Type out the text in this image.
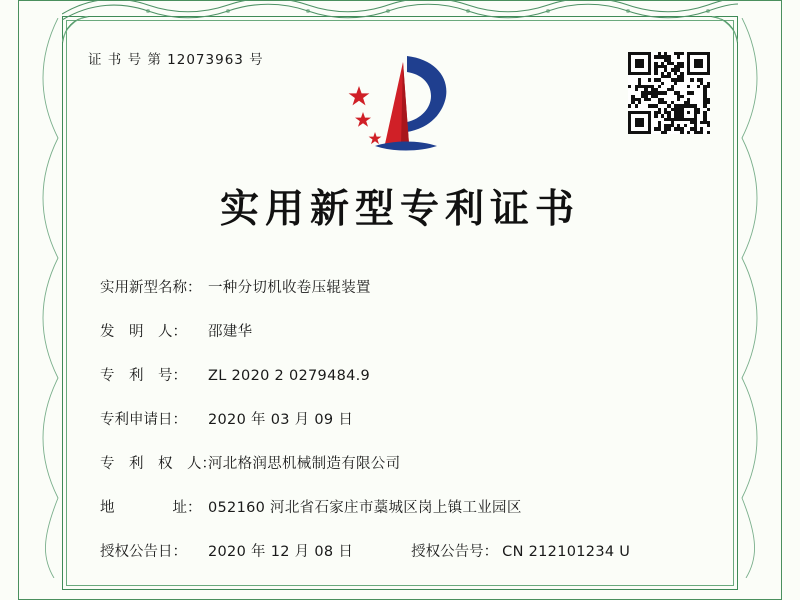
证 书 号 第 12073963 号
实用新型专利证书
实用新型名称： 一种分切机收卷压辊装置
发　明　人：	邵建华
专　利　号：	ZL 2020 2 0279484.9
专利申请日：	2020 年 03 月 09 日
专　利　权　人：
河北格润思机械制造有限公司
地　　　　址： 052160 河北省石家庄市藁城区岗上镇工业园区
授权公告日：	2020 年 12 月 08 日	授权公告号： CN 212101234 U
